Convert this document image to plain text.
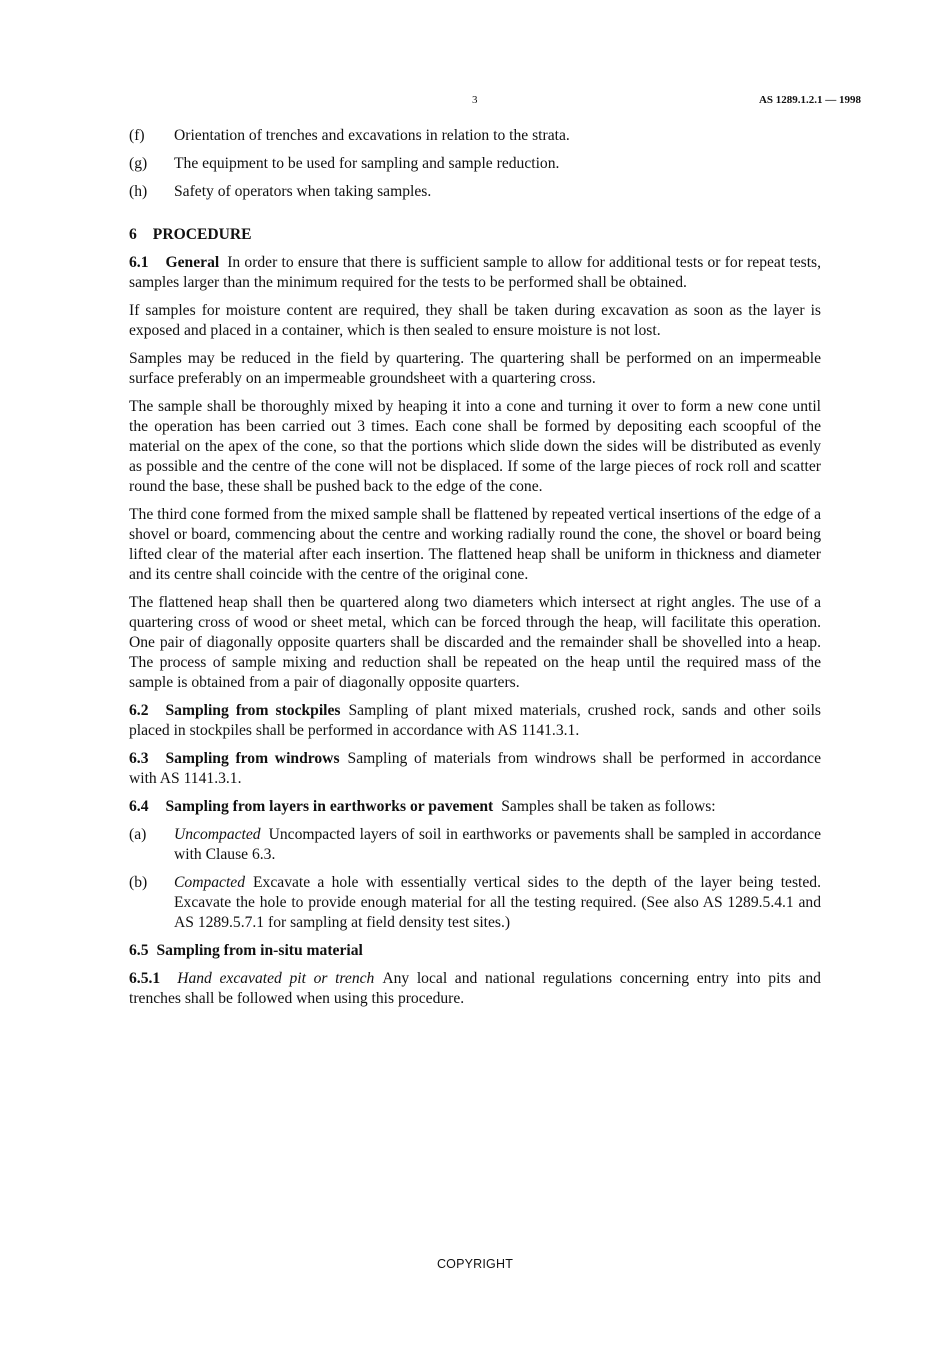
3	AS 1289.1.2.1 — 1998
(f)	Orientation of trenches and excavations in relation to the strata.
(g)	The equipment to be used for sampling and sample reduction.
(h)	Safety of operators when taking samples.

6 PROCEDURE

6.1 General In order to ensure that there is sufficient sample to allow for additional tests or for repeat tests, samples larger than the minimum required for the tests to be performed shall be obtained.

If samples for moisture content are required, they shall be taken during excavation as soon as the layer is exposed and placed in a container, which is then sealed to ensure moisture is not lost.

Samples may be reduced in the field by quartering. The quartering shall be performed on an impermeable surface preferably on an impermeable groundsheet with a quartering cross.

The sample shall be thoroughly mixed by heaping it into a cone and turning it over to form a new cone until the operation has been carried out 3 times. Each cone shall be formed by depositing each scoopful of the material on the apex of the cone, so that the portions which slide down the sides will be distributed as evenly as possible and the centre of the cone will not be displaced. If some of the large pieces of rock roll and scatter round the base, these shall be pushed back to the edge of the cone.

The third cone formed from the mixed sample shall be flattened by repeated vertical insertions of the edge of a shovel or board, commencing about the centre and working radially round the cone, the shovel or board being lifted clear of the material after each insertion. The flattened heap shall be uniform in thickness and diameter and its centre shall coincide with the centre of the original cone.

The flattened heap shall then be quartered along two diameters which intersect at right angles. The use of a quartering cross of wood or sheet metal, which can be forced through the heap, will facilitate this operation. One pair of diagonally opposite quarters shall be discarded and the remainder shall be shovelled into a heap. The process of sample mixing and reduction shall be repeated on the heap until the required mass of the sample is obtained from a pair of diagonally opposite quarters.

6.2 Sampling from stockpiles Sampling of plant mixed materials, crushed rock, sands and other soils placed in stockpiles shall be performed in accordance with AS 1141.3.1.

6.3 Sampling from windrows Sampling of materials from windrows shall be performed in accordance with AS 1141.3.1.

6.4 Sampling from layers in earthworks or pavement Samples shall be taken as follows:

(a)	Uncompacted Uncompacted layers of soil in earthworks or pavements shall be sampled in accordance with Clause 6.3.
(b)	Compacted Excavate a hole with essentially vertical sides to the depth of the layer being tested. Excavate the hole to provide enough material for all the testing required. (See also AS 1289.5.4.1 and AS 1289.5.7.1 for sampling at field density test sites.)

6.5 Sampling from in-situ material

6.5.1 Hand excavated pit or trench Any local and national regulations concerning entry into pits and trenches shall be followed when using this procedure.

COPYRIGHT
